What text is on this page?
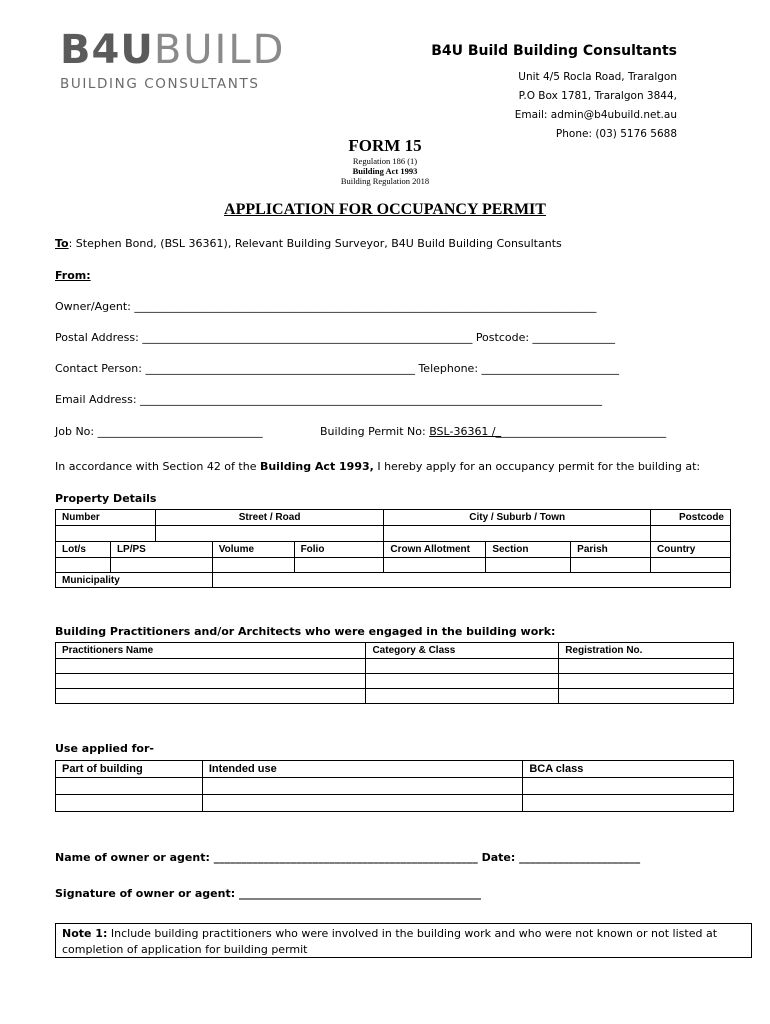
B4UBUILD
BUILDING CONSULTANTS
B4U Build Building Consultants
Unit 4/5 Rocla Road, Traralgon
P.O Box 1781, Traralgon 3844,
Email: admin@b4ubuild.net.au
Phone: (03) 5176 5688
FORM 15
Regulation 186 (1)
Building Act 1993
Building Regulation 2018
APPLICATION FOR OCCUPANCY PERMIT
To: Stephen Bond, (BSL 36361), Relevant Building Surveyor, B4U Build Building Consultants
From:
Owner/Agent: ____________________________________________________________________________________
Postal Address: ____________________________________________________________ Postcode: _______________
Contact Person: _________________________________________________ Telephone: _________________________
Email Address: ____________________________________________________________________________________
Job No: ______________________________	Building Permit No: BSL-36361 /_______________________________
In accordance with Section 42 of the Building Act 1993, I hereby apply for an occupancy permit for the building at:
Property Details
Number		Street / Road			City / Suburb / Town			Postcode

Lot/s	LP/PS		Volume	Folio	Crown Allotment	Section	Parish	Country

Municipality								
Building Practitioners and/or Architects who were engaged in the building work:
Practitioners Name	Category & Class	Registration No.

Use applied for-
Part of building	Intended use	BCA class

Name of owner or agent: ________________________________________________ Date: ______________________
Signature of owner or agent: ____________________________________________
Note 1: Include building practitioners who were involved in the building work and who were not known or not listed at completion of application for building permit
